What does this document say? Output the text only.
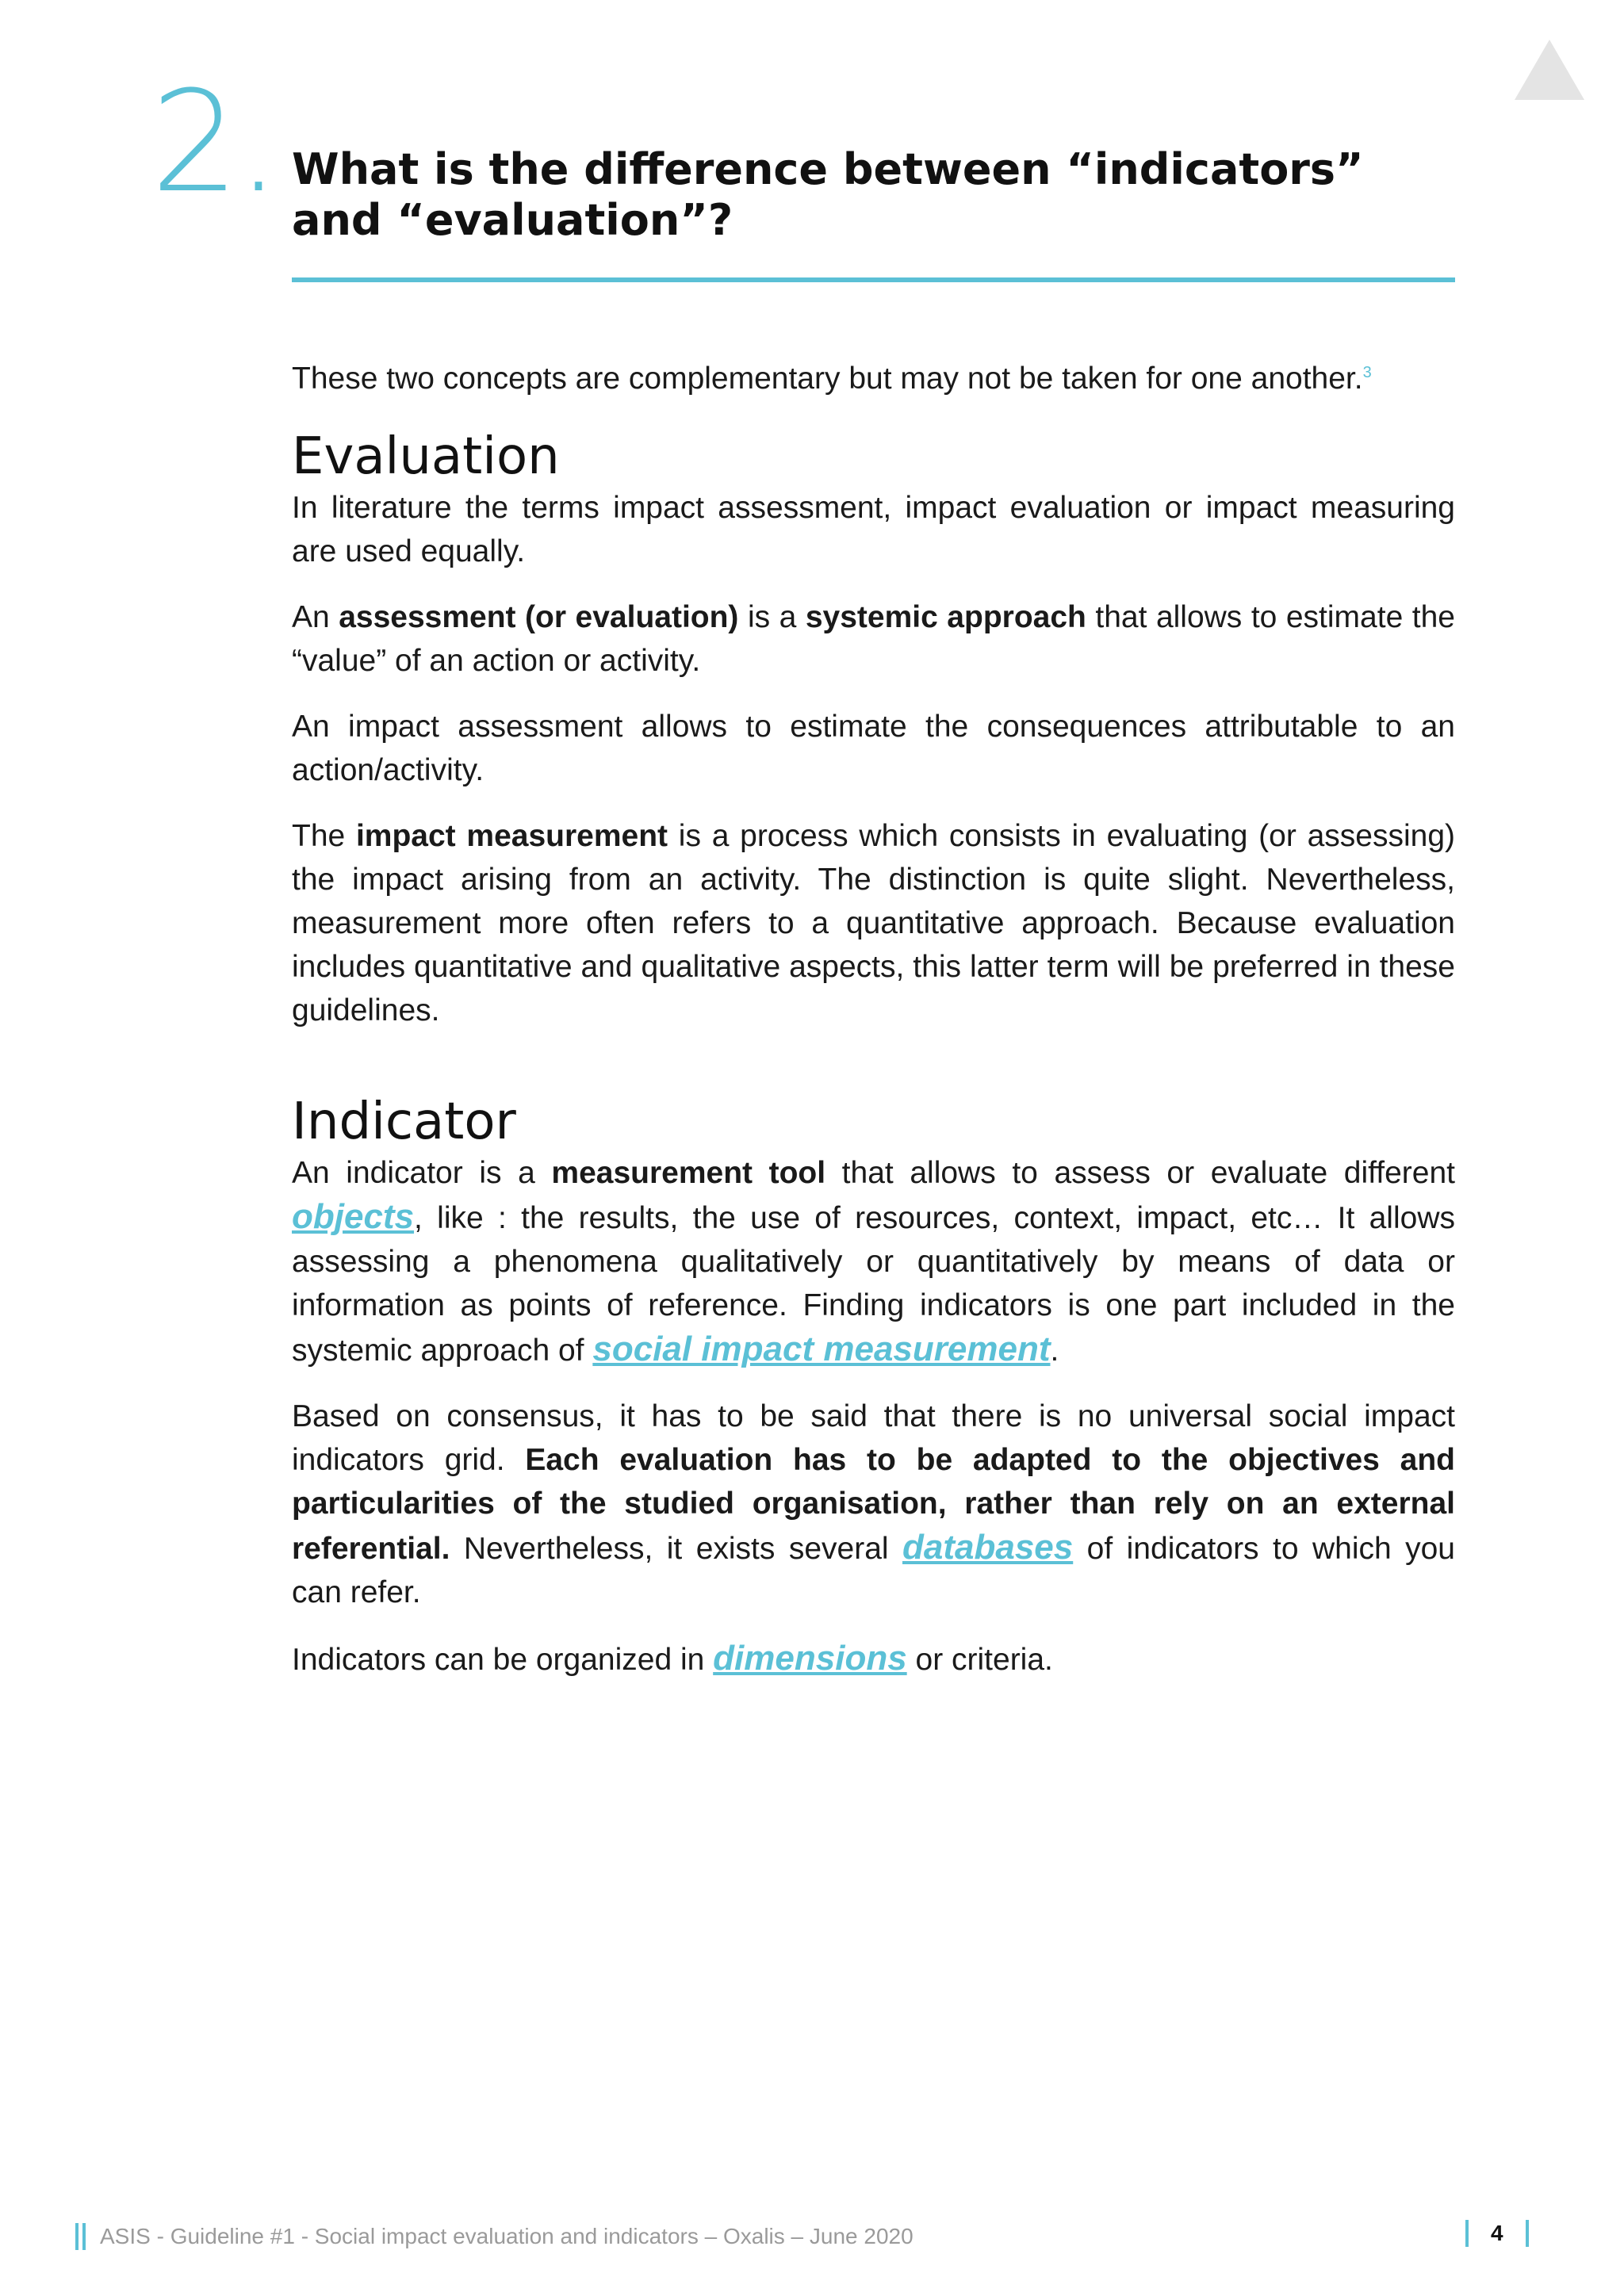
2. What is the difference between “indicators” and “evaluation”?

These two concepts are complementary but may not be taken for one another.$^3$

Evaluation

In literature the terms impact assessment, impact evaluation or impact measuring are used equally.

An assessment (or evaluation) is a systemic approach that allows to estimate the “value” of an action or activity.

An impact assessment allows to estimate the consequences attributable to an action/activity.

The impact measurement is a process which consists in evaluating (or assessing) the impact arising from an activity. The distinction is quite slight. Nevertheless, measurement more often refers to a quantitative approach. Because evaluation includes quantitative and qualitative aspects, this latter term will be preferred in these guidelines.

Indicator

An indicator is a measurement tool that allows to assess or evaluate different objects, like : the results, the use of resources, context, impact, etc… It allows assessing a phenomena qualitatively or quantitatively by means of data or information as points of reference. Finding indicators is one part included in the systemic approach of social impact measurement.

Based on consensus, it has to be said that there is no universal social impact indicators grid. Each evaluation has to be adapted to the objectives and particularities of the studied organisation, rather than rely on an external referential. Nevertheless, it exists several databases of indicators to which you can refer.

Indicators can be organized in dimensions or criteria.

ASIS - Guideline #1 - Social impact evaluation and indicators – Oxalis – June 2020	4
